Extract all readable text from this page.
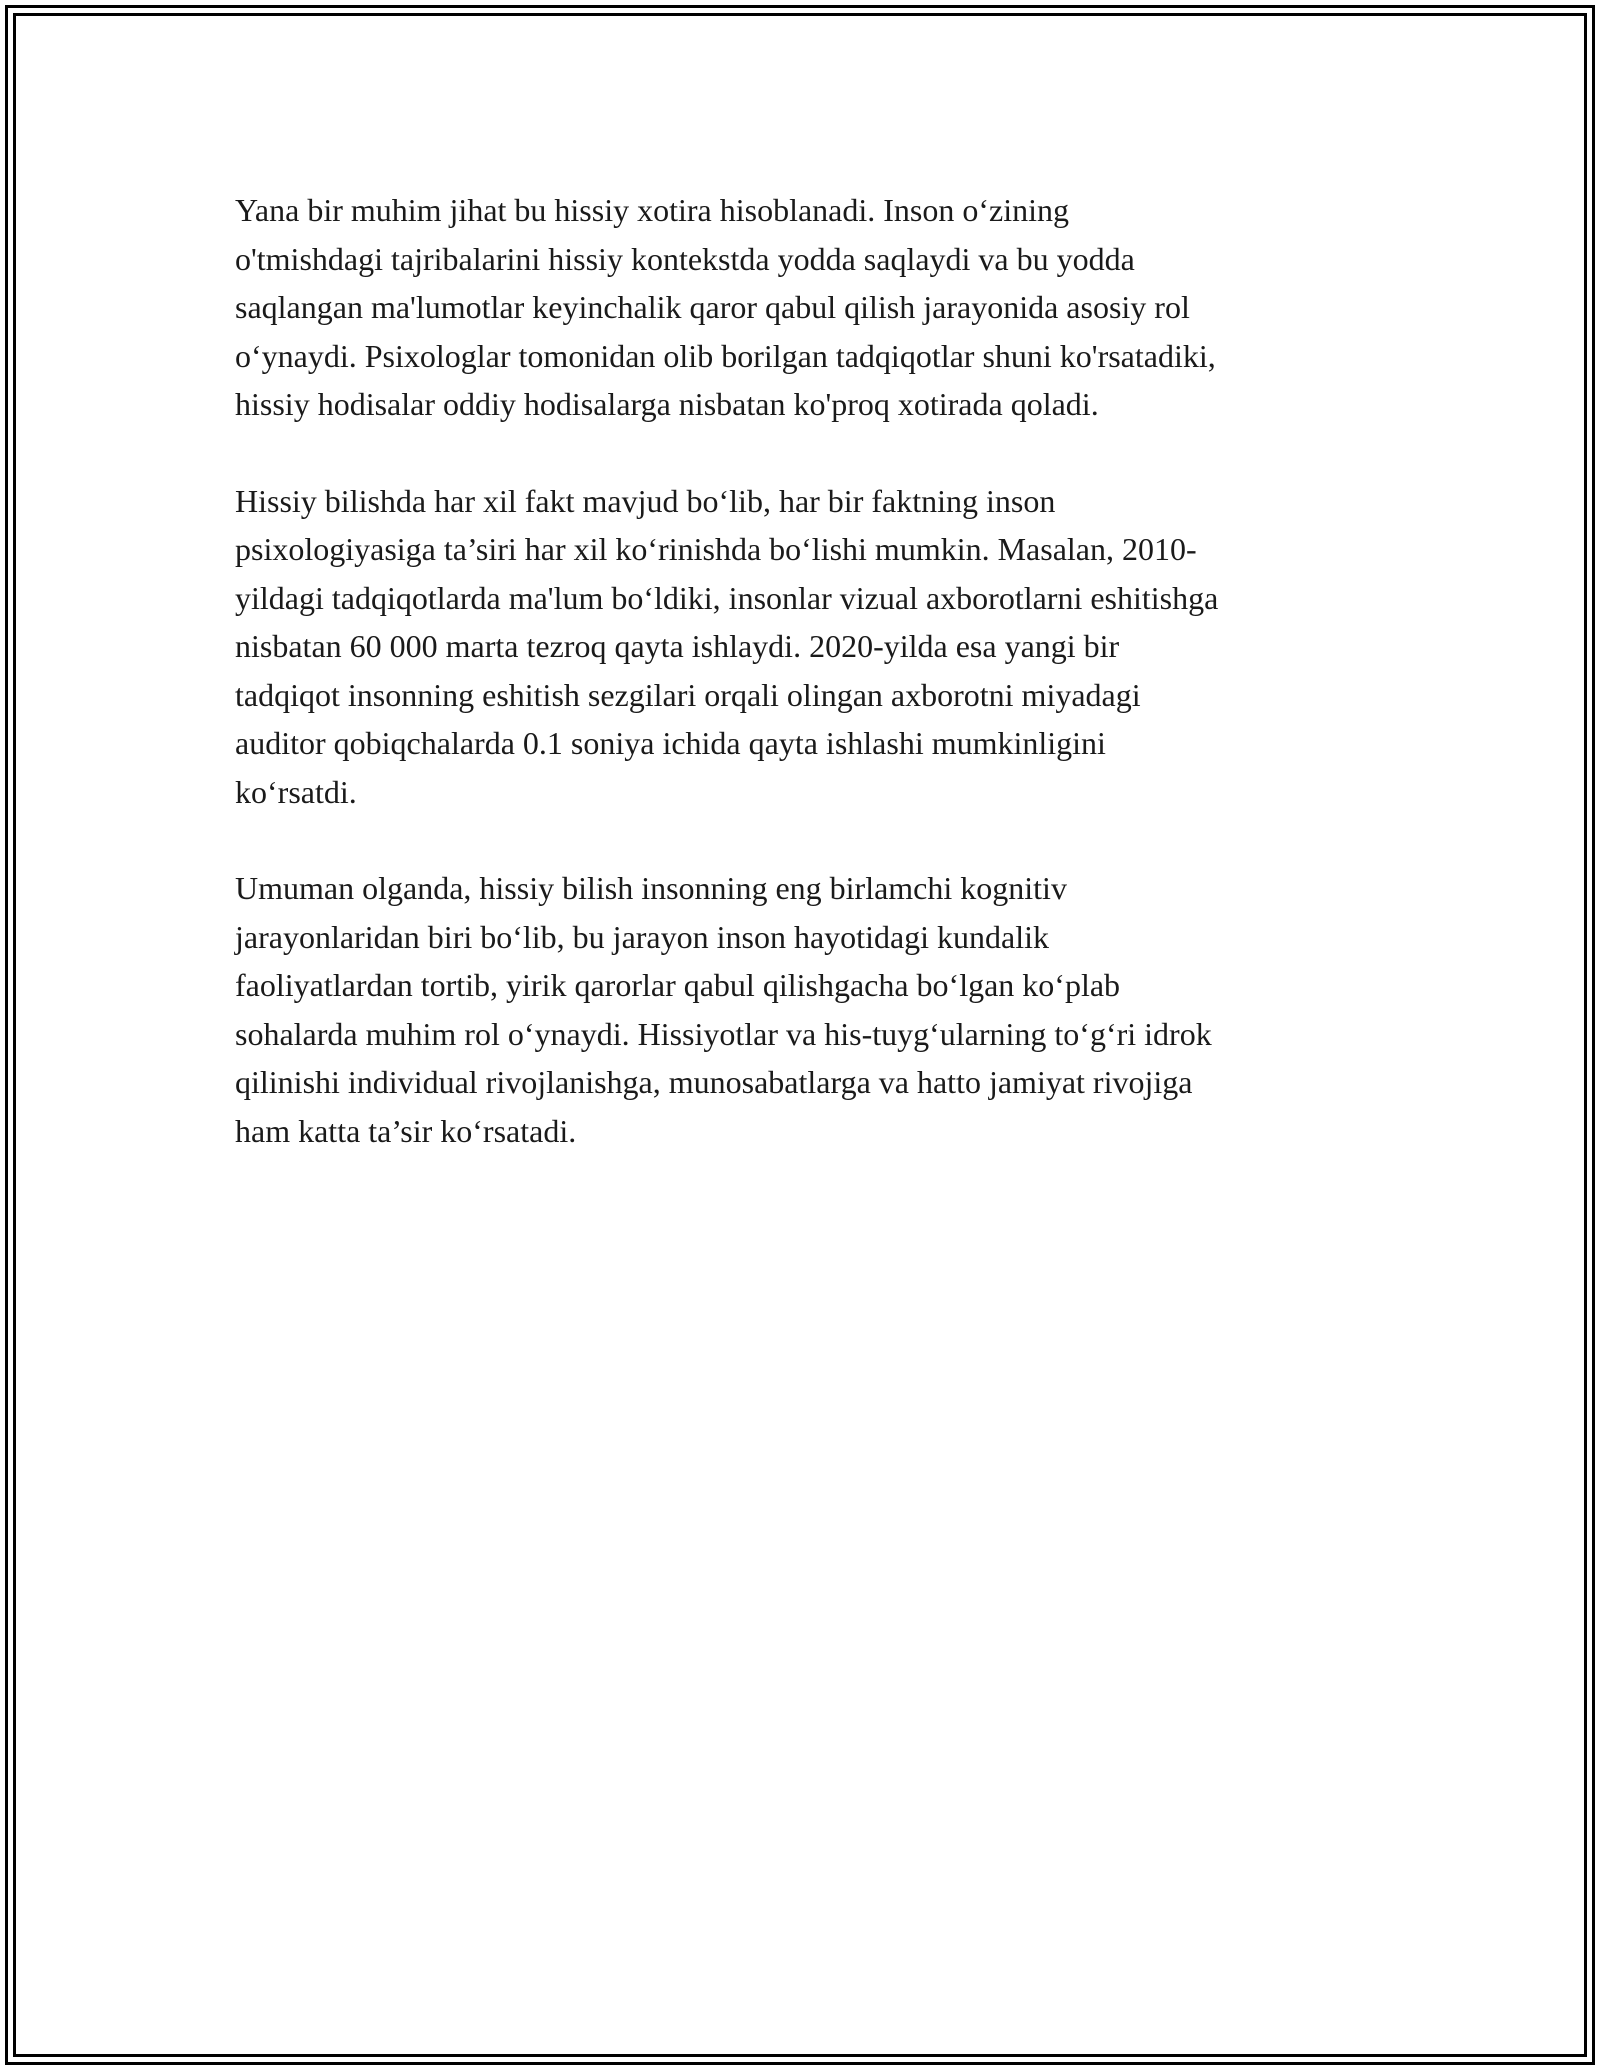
Yana bir muhim jihat bu hissiy xotira hisoblanadi. Inson o‘zining
o'tmishdagi tajribalarini hissiy kontekstda yodda saqlaydi va bu yodda
saqlangan ma'lumotlar keyinchalik qaror qabul qilish jarayonida asosiy rol
o‘ynaydi. Psixologlar tomonidan olib borilgan tadqiqotlar shuni ko'rsatadiki,
hissiy hodisalar oddiy hodisalarga nisbatan ko'proq xotirada qoladi.

Hissiy bilishda har xil fakt mavjud bo‘lib, har bir faktning inson
psixologiyasiga ta’siri har xil ko‘rinishda bo‘lishi mumkin. Masalan, 2010-
yildagi tadqiqotlarda ma'lum bo‘ldiki, insonlar vizual axborotlarni eshitishga
nisbatan 60 000 marta tezroq qayta ishlaydi. 2020-yilda esa yangi bir
tadqiqot insonning eshitish sezgilari orqali olingan axborotni miyadagi
auditor qobiqchalarda 0.1 soniya ichida qayta ishlashi mumkinligini
ko‘rsatdi.

Umuman olganda, hissiy bilish insonning eng birlamchi kognitiv
jarayonlaridan biri bo‘lib, bu jarayon inson hayotidagi kundalik
faoliyatlardan tortib, yirik qarorlar qabul qilishgacha bo‘lgan ko‘plab
sohalarda muhim rol o‘ynaydi. Hissiyotlar va his-tuyg‘ularning to‘g‘ri idrok
qilinishi individual rivojlanishga, munosabatlarga va hatto jamiyat rivojiga
ham katta ta’sir ko‘rsatadi.
